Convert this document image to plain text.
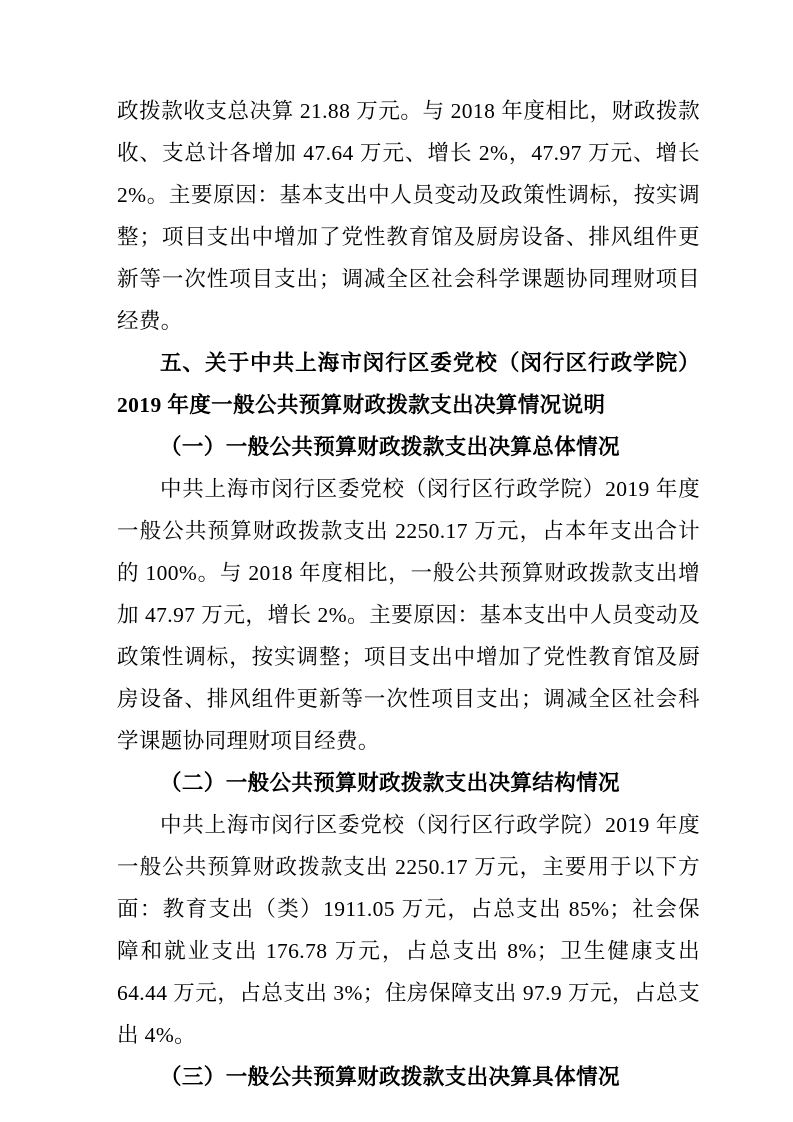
政拨款收支总决算 21.88 万元。与 2018 年度相比，财政拨款收、支总计各增加 47.64 万元、增长 2%，47.97 万元、增长 2%。主要原因：基本支出中人员变动及政策性调标，按实调整；项目支出中增加了党性教育馆及厨房设备、排风组件更新等一次性项目支出；调减全区社会科学课题协同理财项目经费。

五、关于中共上海市闵行区委党校（闵行区行政学院）2019 年度一般公共预算财政拨款支出决算情况说明

（一）一般公共预算财政拨款支出决算总体情况

中共上海市闵行区委党校（闵行区行政学院）2019 年度一般公共预算财政拨款支出 2250.17 万元，占本年支出合计的 100%。与 2018 年度相比，一般公共预算财政拨款支出增加 47.97 万元，增长 2%。主要原因：基本支出中人员变动及政策性调标，按实调整；项目支出中增加了党性教育馆及厨房设备、排风组件更新等一次性项目支出；调减全区社会科学课题协同理财项目经费。

（二）一般公共预算财政拨款支出决算结构情况

中共上海市闵行区委党校（闵行区行政学院）2019 年度一般公共预算财政拨款支出 2250.17 万元，主要用于以下方面：教育支出（类）1911.05 万元，占总支出 85%；社会保障和就业支出 176.78 万元，占总支出 8%；卫生健康支出 64.44 万元，占总支出 3%；住房保障支出 97.9 万元，占总支出 4%。

（三）一般公共预算财政拨款支出决算具体情况
